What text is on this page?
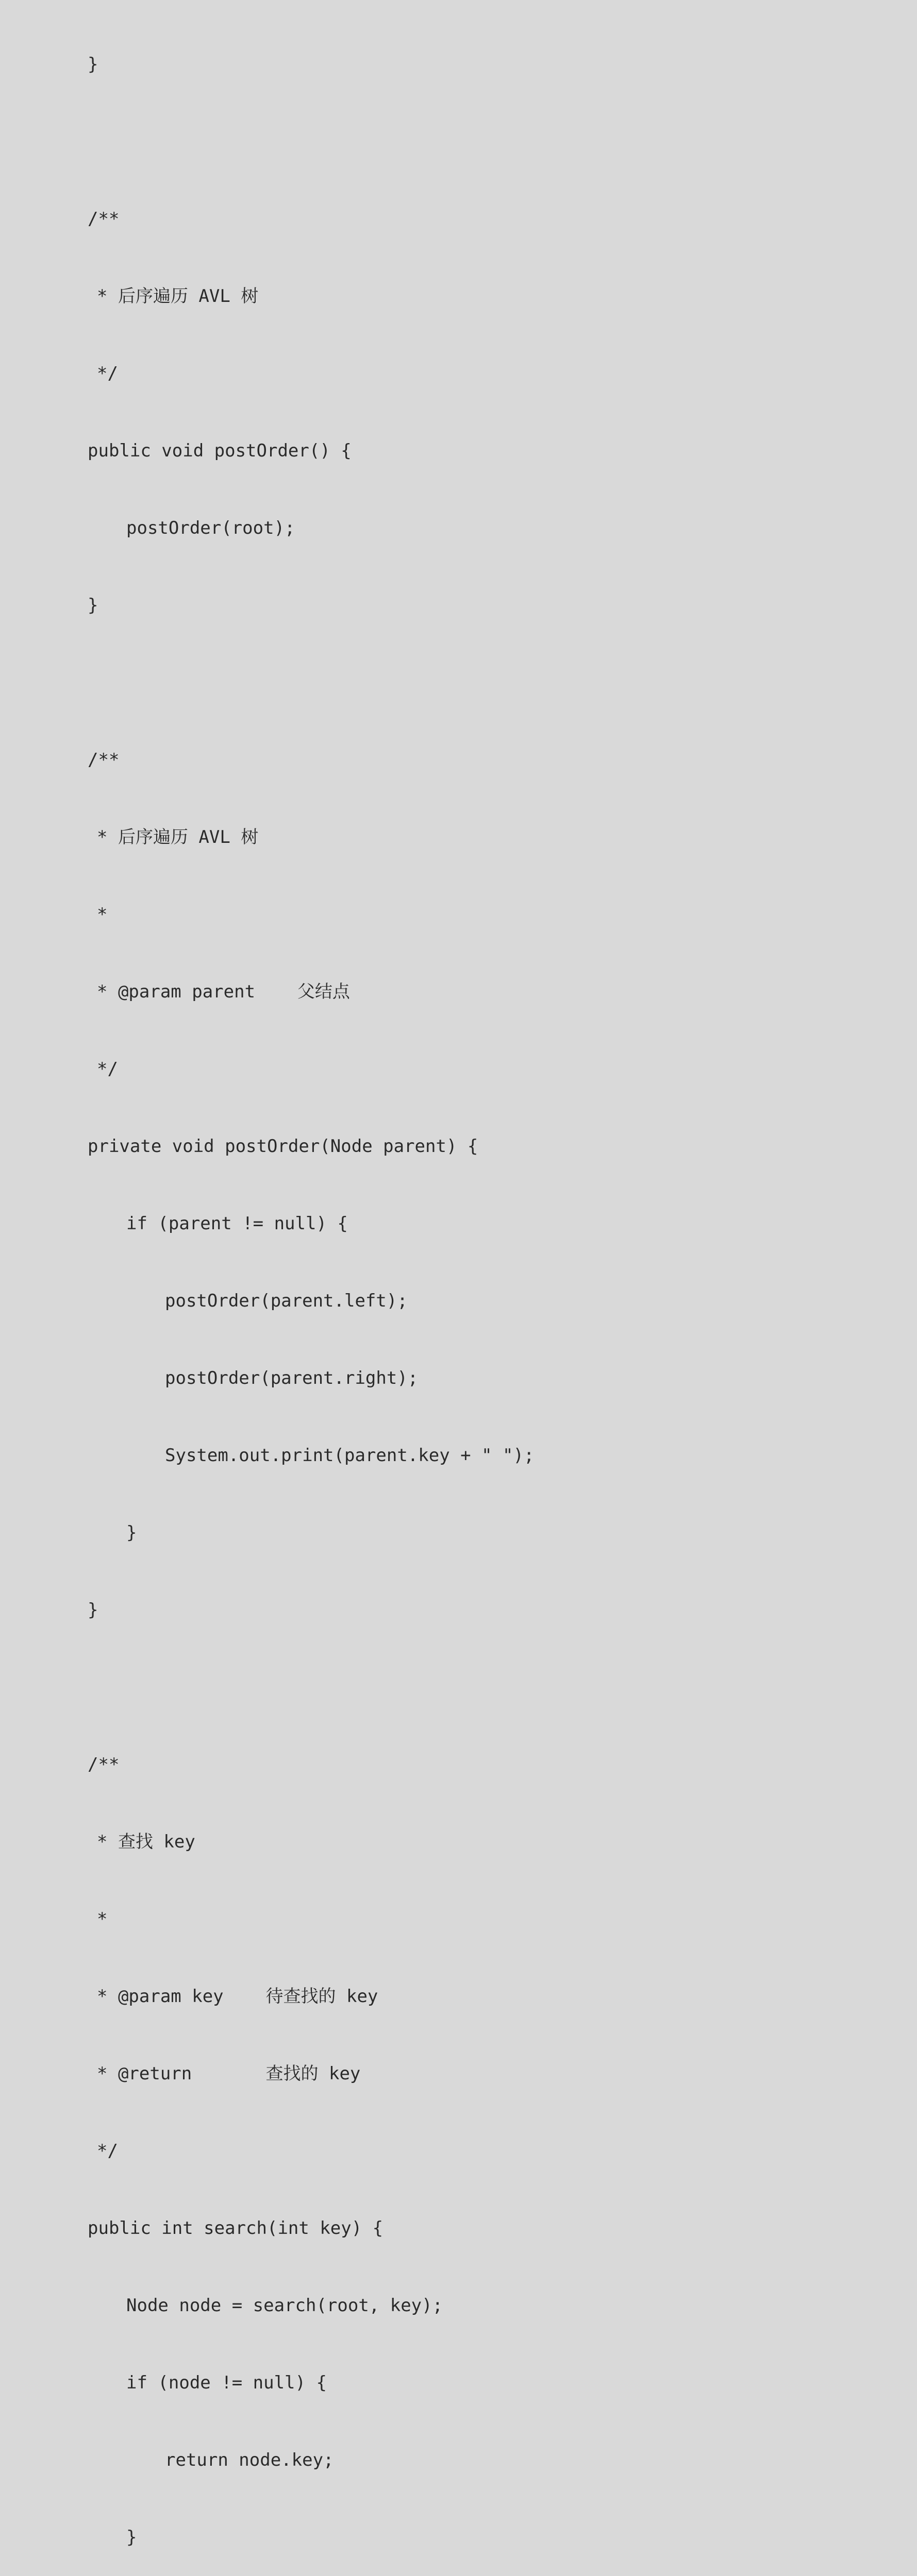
}

/**

* 后序遍历 AVL 树

*/

public void postOrder() {

postOrder(root);

}

/**

* 后序遍历 AVL 树

*

* @param parent    父结点

*/

private void postOrder(Node parent) {

if (parent != null) {

postOrder(parent.left);

postOrder(parent.right);

System.out.print(parent.key + " ");

}

}

/**

* 查找 key

*

* @param key    待查找的 key

* @return       查找的 key

*/

public int search(int key) {

Node node = search(root, key);

if (node != null) {

return node.key;

}
